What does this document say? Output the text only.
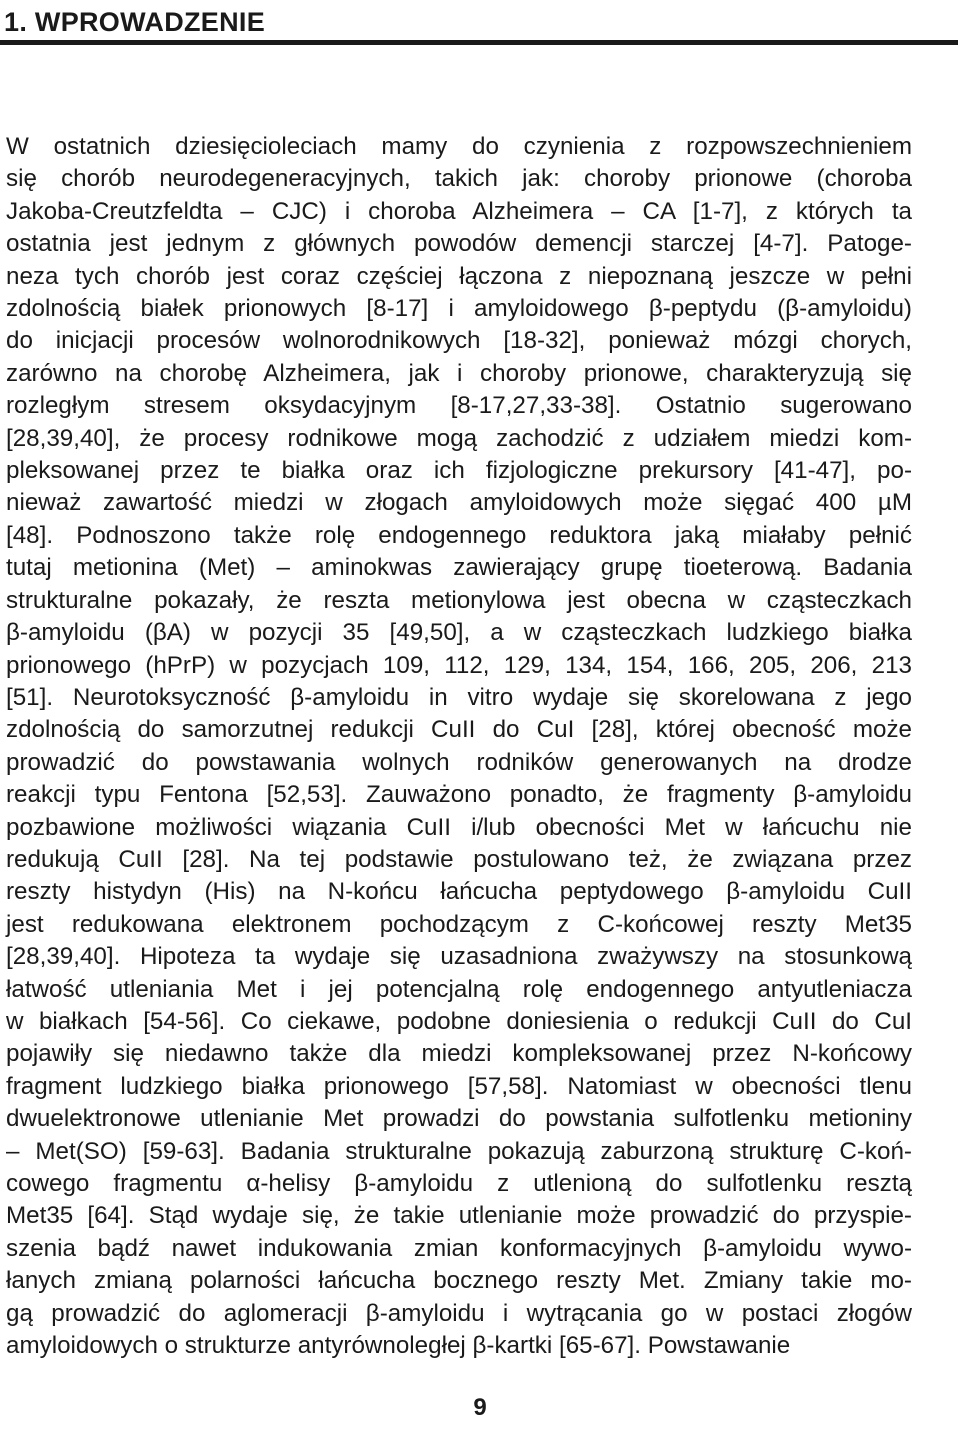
1. WPROWADZENIE
W ostatnich dziesięcioleciach mamy do czynienia z rozpowszechnieniem
się chorób neurodegeneracyjnych, takich jak: choroby prionowe (choroba
Jakoba-Creutzfeldta – CJC) i choroba Alzheimera – CA [1-7], z których ta
ostatnia jest jednym z głównych powodów demencji starczej [4-7]. Patoge-
neza tych chorób jest coraz częściej łączona z niepoznaną jeszcze w pełni
zdolnością białek prionowych [8-17] i amyloidowego β-peptydu (β-amyloidu)
do inicjacji procesów wolnorodnikowych [18-32], ponieważ mózgi chorych,
zarówno na chorobę Alzheimera, jak i choroby prionowe, charakteryzują się
rozległym stresem oksydacyjnym [8-17,27,33-38]. Ostatnio sugerowano
[28,39,40], że procesy rodnikowe mogą zachodzić z udziałem miedzi kom-
pleksowanej przez te białka oraz ich fizjologiczne prekursory [41-47], po-
nieważ zawartość miedzi w złogach amyloidowych może sięgać 400 µM
[48]. Podnoszono także rolę endogennego reduktora jaką miałaby pełnić
tutaj metionina (Met) – aminokwas zawierający grupę tioeterową. Badania
strukturalne pokazały, że reszta metionylowa jest obecna w cząsteczkach
β-amyloidu (βA) w pozycji 35 [49,50], a w cząsteczkach ludzkiego białka
prionowego (hPrP) w pozycjach 109, 112, 129, 134, 154, 166, 205, 206, 213
[51]. Neurotoksyczność β-amyloidu in vitro wydaje się skorelowana z jego
zdolnością do samorzutnej redukcji CuII do CuI [28], której obecność może
prowadzić do powstawania wolnych rodników generowanych na drodze
reakcji typu Fentona [52,53]. Zauważono ponadto, że fragmenty β-amyloidu
pozbawione możliwości wiązania CuII i/lub obecności Met w łańcuchu nie
redukują CuII [28]. Na tej podstawie postulowano też, że związana przez
reszty histydyn (His) na N-końcu łańcucha peptydowego β-amyloidu CuII
jest redukowana elektronem pochodzącym z C-końcowej reszty Met35
[28,39,40]. Hipoteza ta wydaje się uzasadniona zważywszy na stosunkową
łatwość utleniania Met i jej potencjalną rolę endogennego antyutleniacza
w białkach [54-56]. Co ciekawe, podobne doniesienia o redukcji CuII do CuI
pojawiły się niedawno także dla miedzi kompleksowanej przez N-końcowy
fragment ludzkiego białka prionowego [57,58]. Natomiast w obecności tlenu
dwuelektronowe utlenianie Met prowadzi do powstania sulfotlenku metioniny
– Met(SO) [59-63]. Badania strukturalne pokazują zaburzoną strukturę C-koń-
cowego fragmentu α-helisy β-amyloidu z utlenioną do sulfotlenku resztą
Met35 [64]. Stąd wydaje się, że takie utlenianie może prowadzić do przyspie-
szenia bądź nawet indukowania zmian konformacyjnych β-amyloidu wywo-
łanych zmianą polarności łańcucha bocznego reszty Met. Zmiany takie mo-
gą prowadzić do aglomeracji β-amyloidu i wytrącania go w postaci złogów
amyloidowych o strukturze antyrównoległej β-kartki [65-67]. Powstawanie
9
